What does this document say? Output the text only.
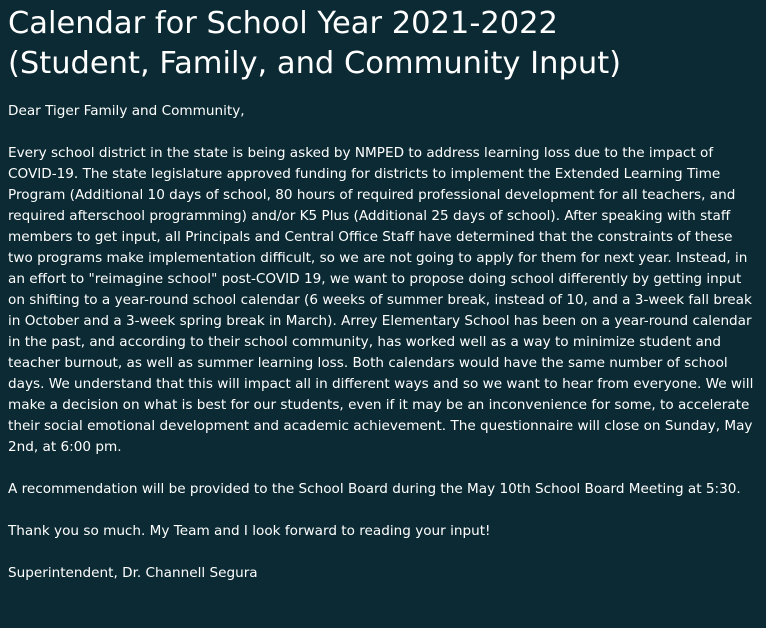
Calendar for School Year 2021-2022
(Student, Family, and Community Input)

Dear Tiger Family and Community,

Every school district in the state is being asked by NMPED to address learning loss due to the impact of COVID-19. The state legislature approved funding for districts to implement the Extended Learning Time Program (Additional 10 days of school, 80 hours of required professional development for all teachers, and required afterschool programming) and/or K5 Plus (Additional 25 days of school). After speaking with staff members to get input, all Principals and Central Office Staff have determined that the constraints of these two programs make implementation difficult, so we are not going to apply for them for next year. Instead, in an effort to "reimagine school" post-COVID 19, we want to propose doing school differently by getting input on shifting to a year-round school calendar (6 weeks of summer break, instead of 10, and a 3-week fall break in October and a 3-week spring break in March). Arrey Elementary School has been on a year-round calendar in the past, and according to their school community, has worked well as a way to minimize student and teacher burnout, as well as summer learning loss. Both calendars would have the same number of school days. We understand that this will impact all in different ways and so we want to hear from everyone. We will make a decision on what is best for our students, even if it may be an inconvenience for some, to accelerate their social emotional development and academic achievement. The questionnaire will close on Sunday, May 2nd, at 6:00 pm.

A recommendation will be provided to the School Board during the May 10th School Board Meeting at 5:30.

Thank you so much. My Team and I look forward to reading your input!

Superintendent, Dr. Channell Segura
